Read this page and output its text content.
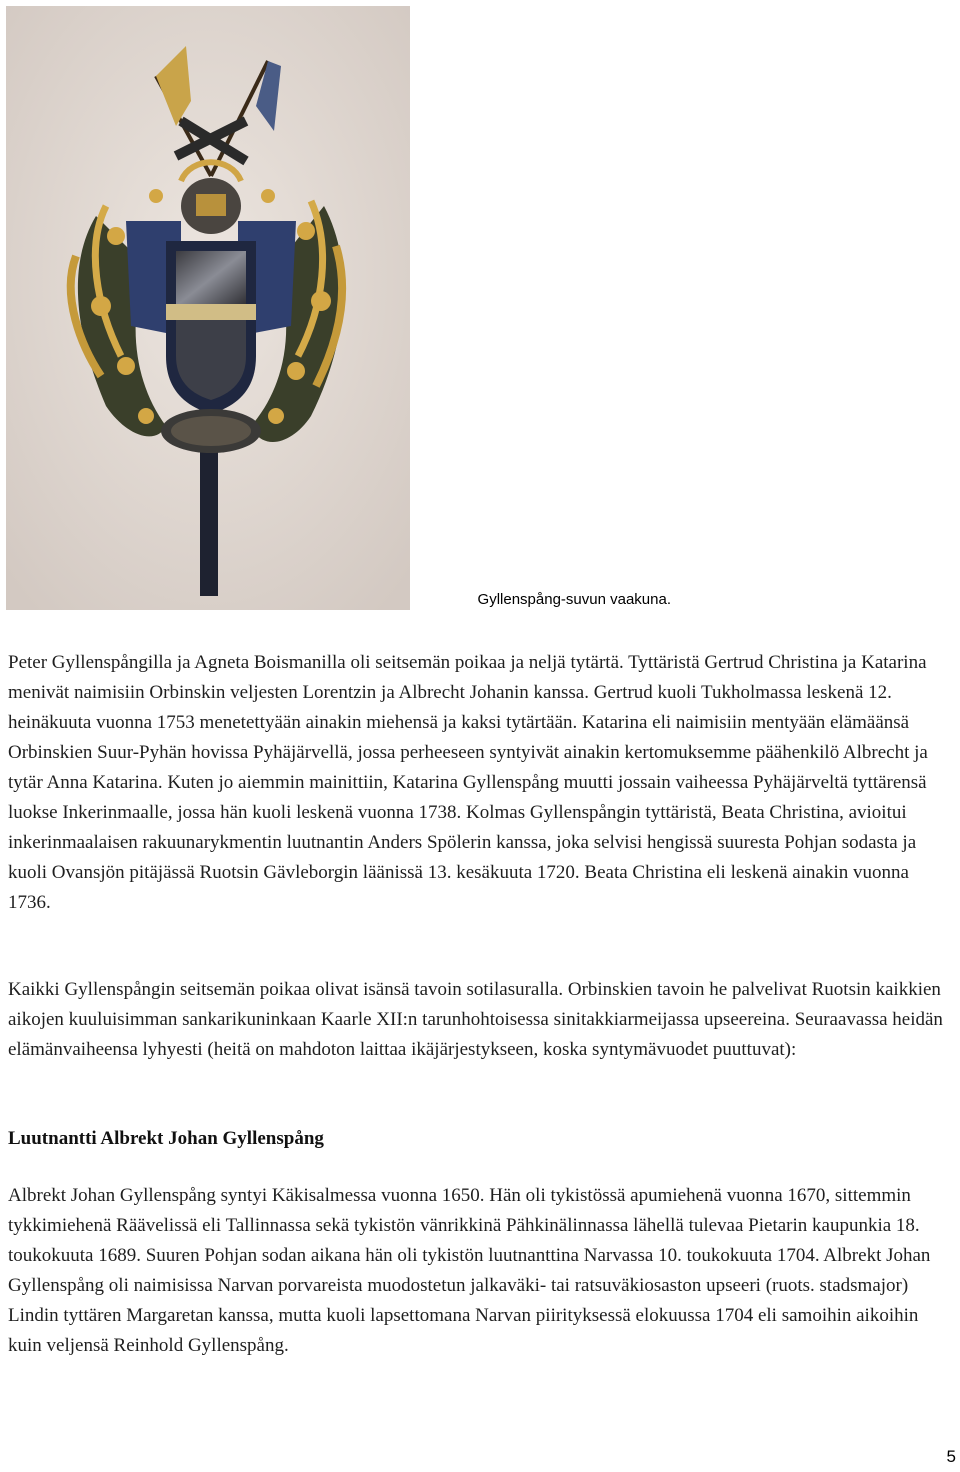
Gyllenspång-suvun vaakuna.

Peter Gyllenspångilla ja Agneta Boismanilla oli seitsemän poikaa ja neljä tytärtä. Tyttäristä Gertrud Christina ja Katarina menivät naimisiin Orbinskin veljesten Lorentzin ja Albrecht Johanin kanssa. Gertrud kuoli Tukholmassa leskenä 12. heinäkuuta vuonna 1753 menetettyään ainakin miehensä ja kaksi tytärtään. Katarina eli naimisiin mentyään elämäänsä Orbinskien Suur-Pyhän hovissa Pyhäjärvellä, jossa perheeseen syntyivät ainakin kertomuksemme päähenkilö Albrecht ja tytär Anna Katarina. Kuten jo aiemmin mainittiin, Katarina Gyllenspång muutti jossain vaiheessa Pyhäjärveltä tyttärensä luokse Inkerinmaalle, jossa hän kuoli leskenä vuonna 1738. Kolmas Gyllenspångin tyttäristä, Beata Christina, avioitui inkerinmaalaisen rakuunarykmentin luutnantin Anders Spölerin kanssa, joka selvisi hengissä suuresta Pohjan sodasta ja kuoli Ovansjön pitäjässä Ruotsin Gävleborgin läänissä 13. kesäkuuta 1720. Beata Christina eli leskenä ainakin vuonna 1736.

Kaikki Gyllenspångin seitsemän poikaa olivat isänsä tavoin sotilasuralla. Orbinskien tavoin he palvelivat Ruotsin kaikkien aikojen kuuluisimman sankarikuninkaan Kaarle XII:n tarunhohtoisessa sinitakkiarmeijassa upseereina. Seuraavassa heidän elämänvaiheensa lyhyesti (heitä on mahdoton laittaa ikäjärjestykseen, koska syntymävuodet puuttuvat):

Luutnantti Albrekt Johan Gyllenspång

Albrekt Johan Gyllenspång syntyi Käkisalmessa vuonna 1650. Hän oli tykistössä apumiehenä vuonna 1670, sittemmin tykkimiehenä Räävelissä eli Tallinnassa sekä tykistön vänrikkinä Pähkinälinnassa lähellä tulevaa Pietarin kaupunkia 18. toukokuuta 1689. Suuren Pohjan sodan aikana hän oli tykistön luutnanttina Narvassa 10. toukokuuta 1704. Albrekt Johan Gyllenspång oli naimisissa Narvan porvareista muodostetun jalkaväki- tai ratsuväkiosaston upseeri (ruots. stadsmajor) Lindin tyttären Margaretan kanssa, mutta kuoli lapsettomana Narvan piirityksessä elokuussa 1704 eli samoihin aikoihin kuin veljensä Reinhold Gyllenspång.

5
